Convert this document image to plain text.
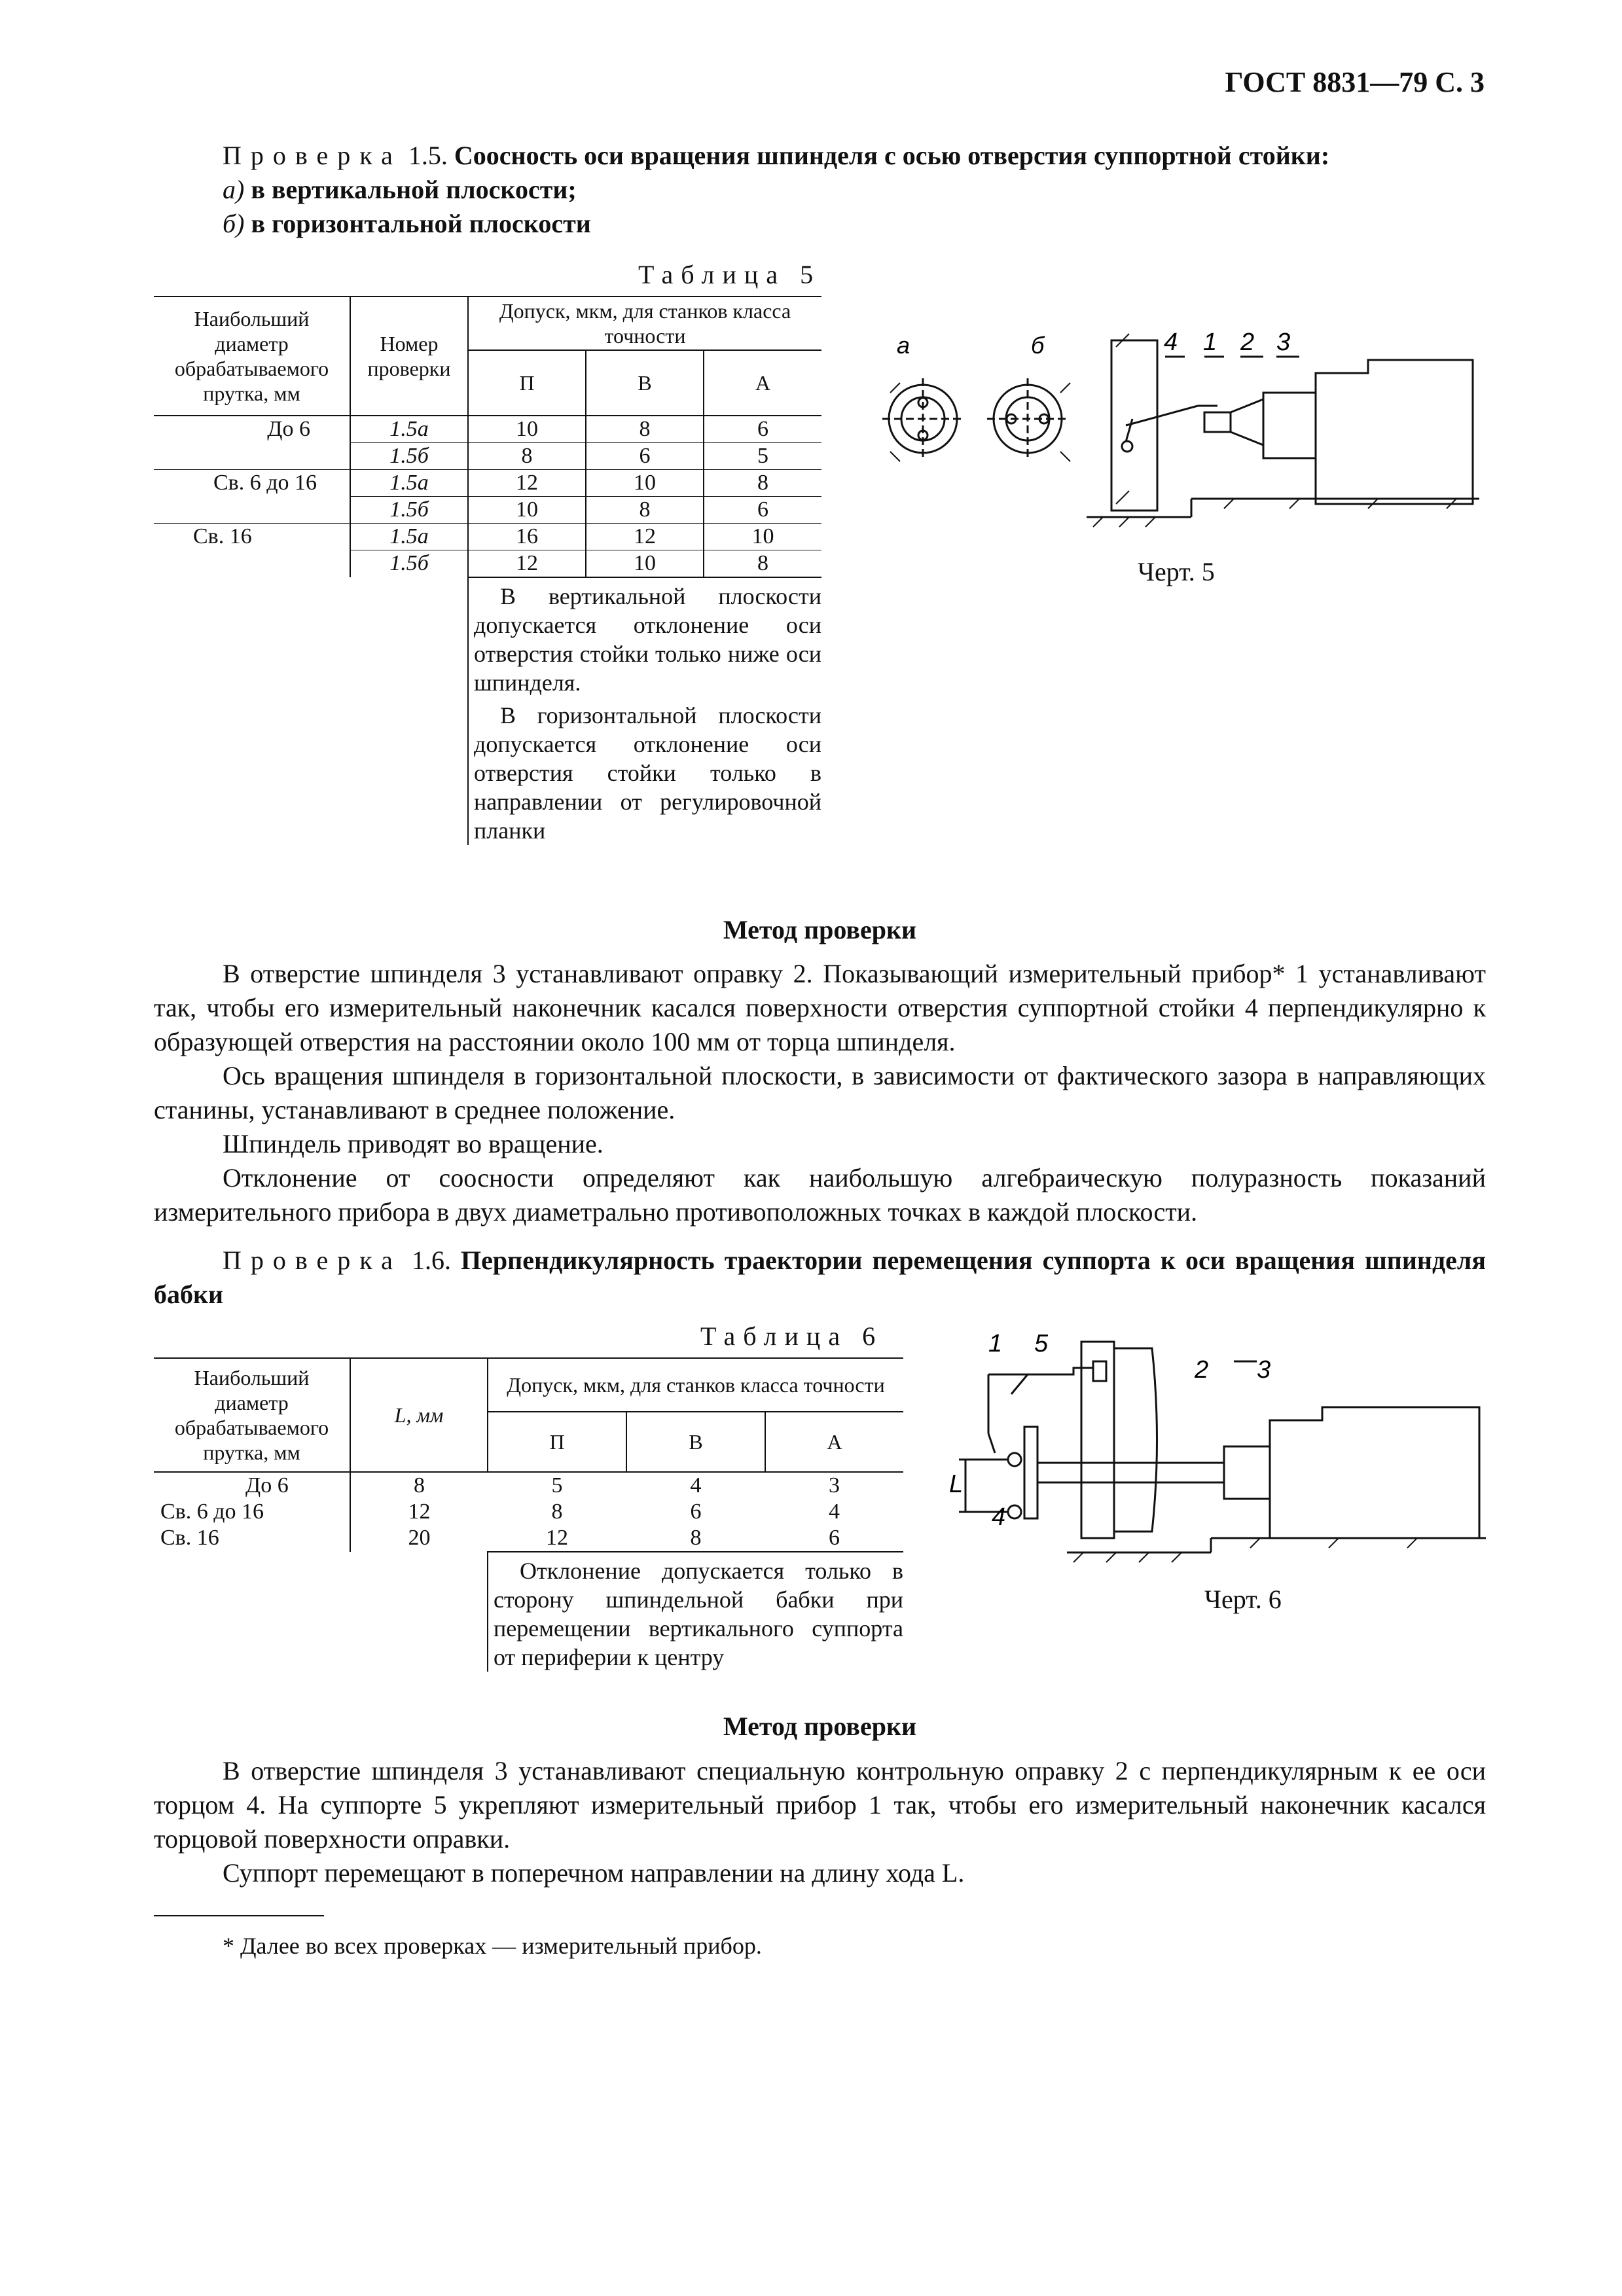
ГОСТ 8831—79 С. 3
Проверка 1.5. Соосность оси вращения шпинделя с осью отверстия суппортной стойки:
а) в вертикальной плоскости;
б) в горизонтальной плоскости
Таблица 5
Наибольший диаметр обрабатываемого прутка, мм	Номер проверки	Допуск, мкм, для станков класса точности		
		П	В	А
До 6	1.5а	10	8	6
	1.5б	8	6	5
Св. 6 до 16	1.5а	12	10	8
	1.5б	10	8	6
Св. 16	1.5а	16	12	10
	1.5б	12	10	8

		В вертикальной плоскости допускается отклонение оси отверстия стойки только ниже оси шпинделя.
В горизонтальной плоскости допускается отклонение оси отверстия стойки только в направлении от регулировочной планки		
а	б	4 1 2 3
Черт. 5
Метод проверки
В отверстие шпинделя 3 устанавливают оправку 2. Показывающий измерительный прибор* 1 устанавливают так, чтобы его измерительный наконечник касался поверхности отверстия суппортной стойки 4 перпендикулярно к образующей отверстия на расстоянии около 100 мм от торца шпинделя.
Ось вращения шпинделя в горизонтальной плоскости, в зависимости от фактического зазора в направляющих станины, устанавливают в среднее положение.
Шпиндель приводят во вращение.
Отклонение от соосности определяют как наибольшую алгебраическую полуразность показаний измерительного прибора в двух диаметрально противоположных точках в каждой плоскости.
Проверка 1.6. Перпендикулярность траектории перемещения суппорта к оси вращения шпинделя бабки
Таблица 6
Наибольший диаметр обрабатываемого прутка, мм	L, мм	Допуск, мкм, для станков класса точности		
		П	В	А
До 6	8	5	4	3
Св. 6 до 16	12	8	6	4
Св. 16	20	12	8	6

		Отклонение допускается только в сторону шпиндельной бабки при перемещении вертикального суппорта от периферии к центру		
1 5
2 3
4
L
Черт. 6
Метод проверки
В отверстие шпинделя 3 устанавливают специальную контрольную оправку 2 с перпендикулярным к ее оси торцом 4. На суппорте 5 укрепляют измерительный прибор 1 так, чтобы его измерительный наконечник касался торцовой поверхности оправки.
Суппорт перемещают в поперечном направлении на длину хода L.
* Далее во всех проверках — измерительный прибор.
